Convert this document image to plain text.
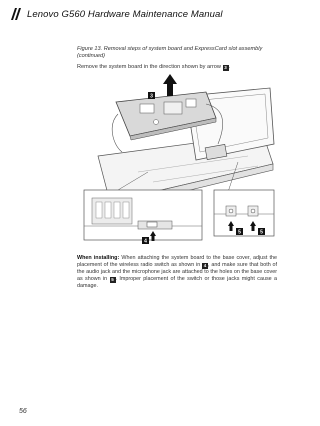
Lenovo G560 Hardware Maintenance Manual
Figure 13. Removal steps of system board and ExpressCard slot assembly (continued)
Remove the system board in the direction shown by arrow 3 .
3
4
5	5
When installing: When attaching the system board to the base cover, adjust the placement of the wireless radio switch as shown in 4 , and make sure that both of the audio jack and the microphone jack are attached to the holes on the base cover as shown in 5 . Improper placement of the switch or those jacks might cause a damage.
56
